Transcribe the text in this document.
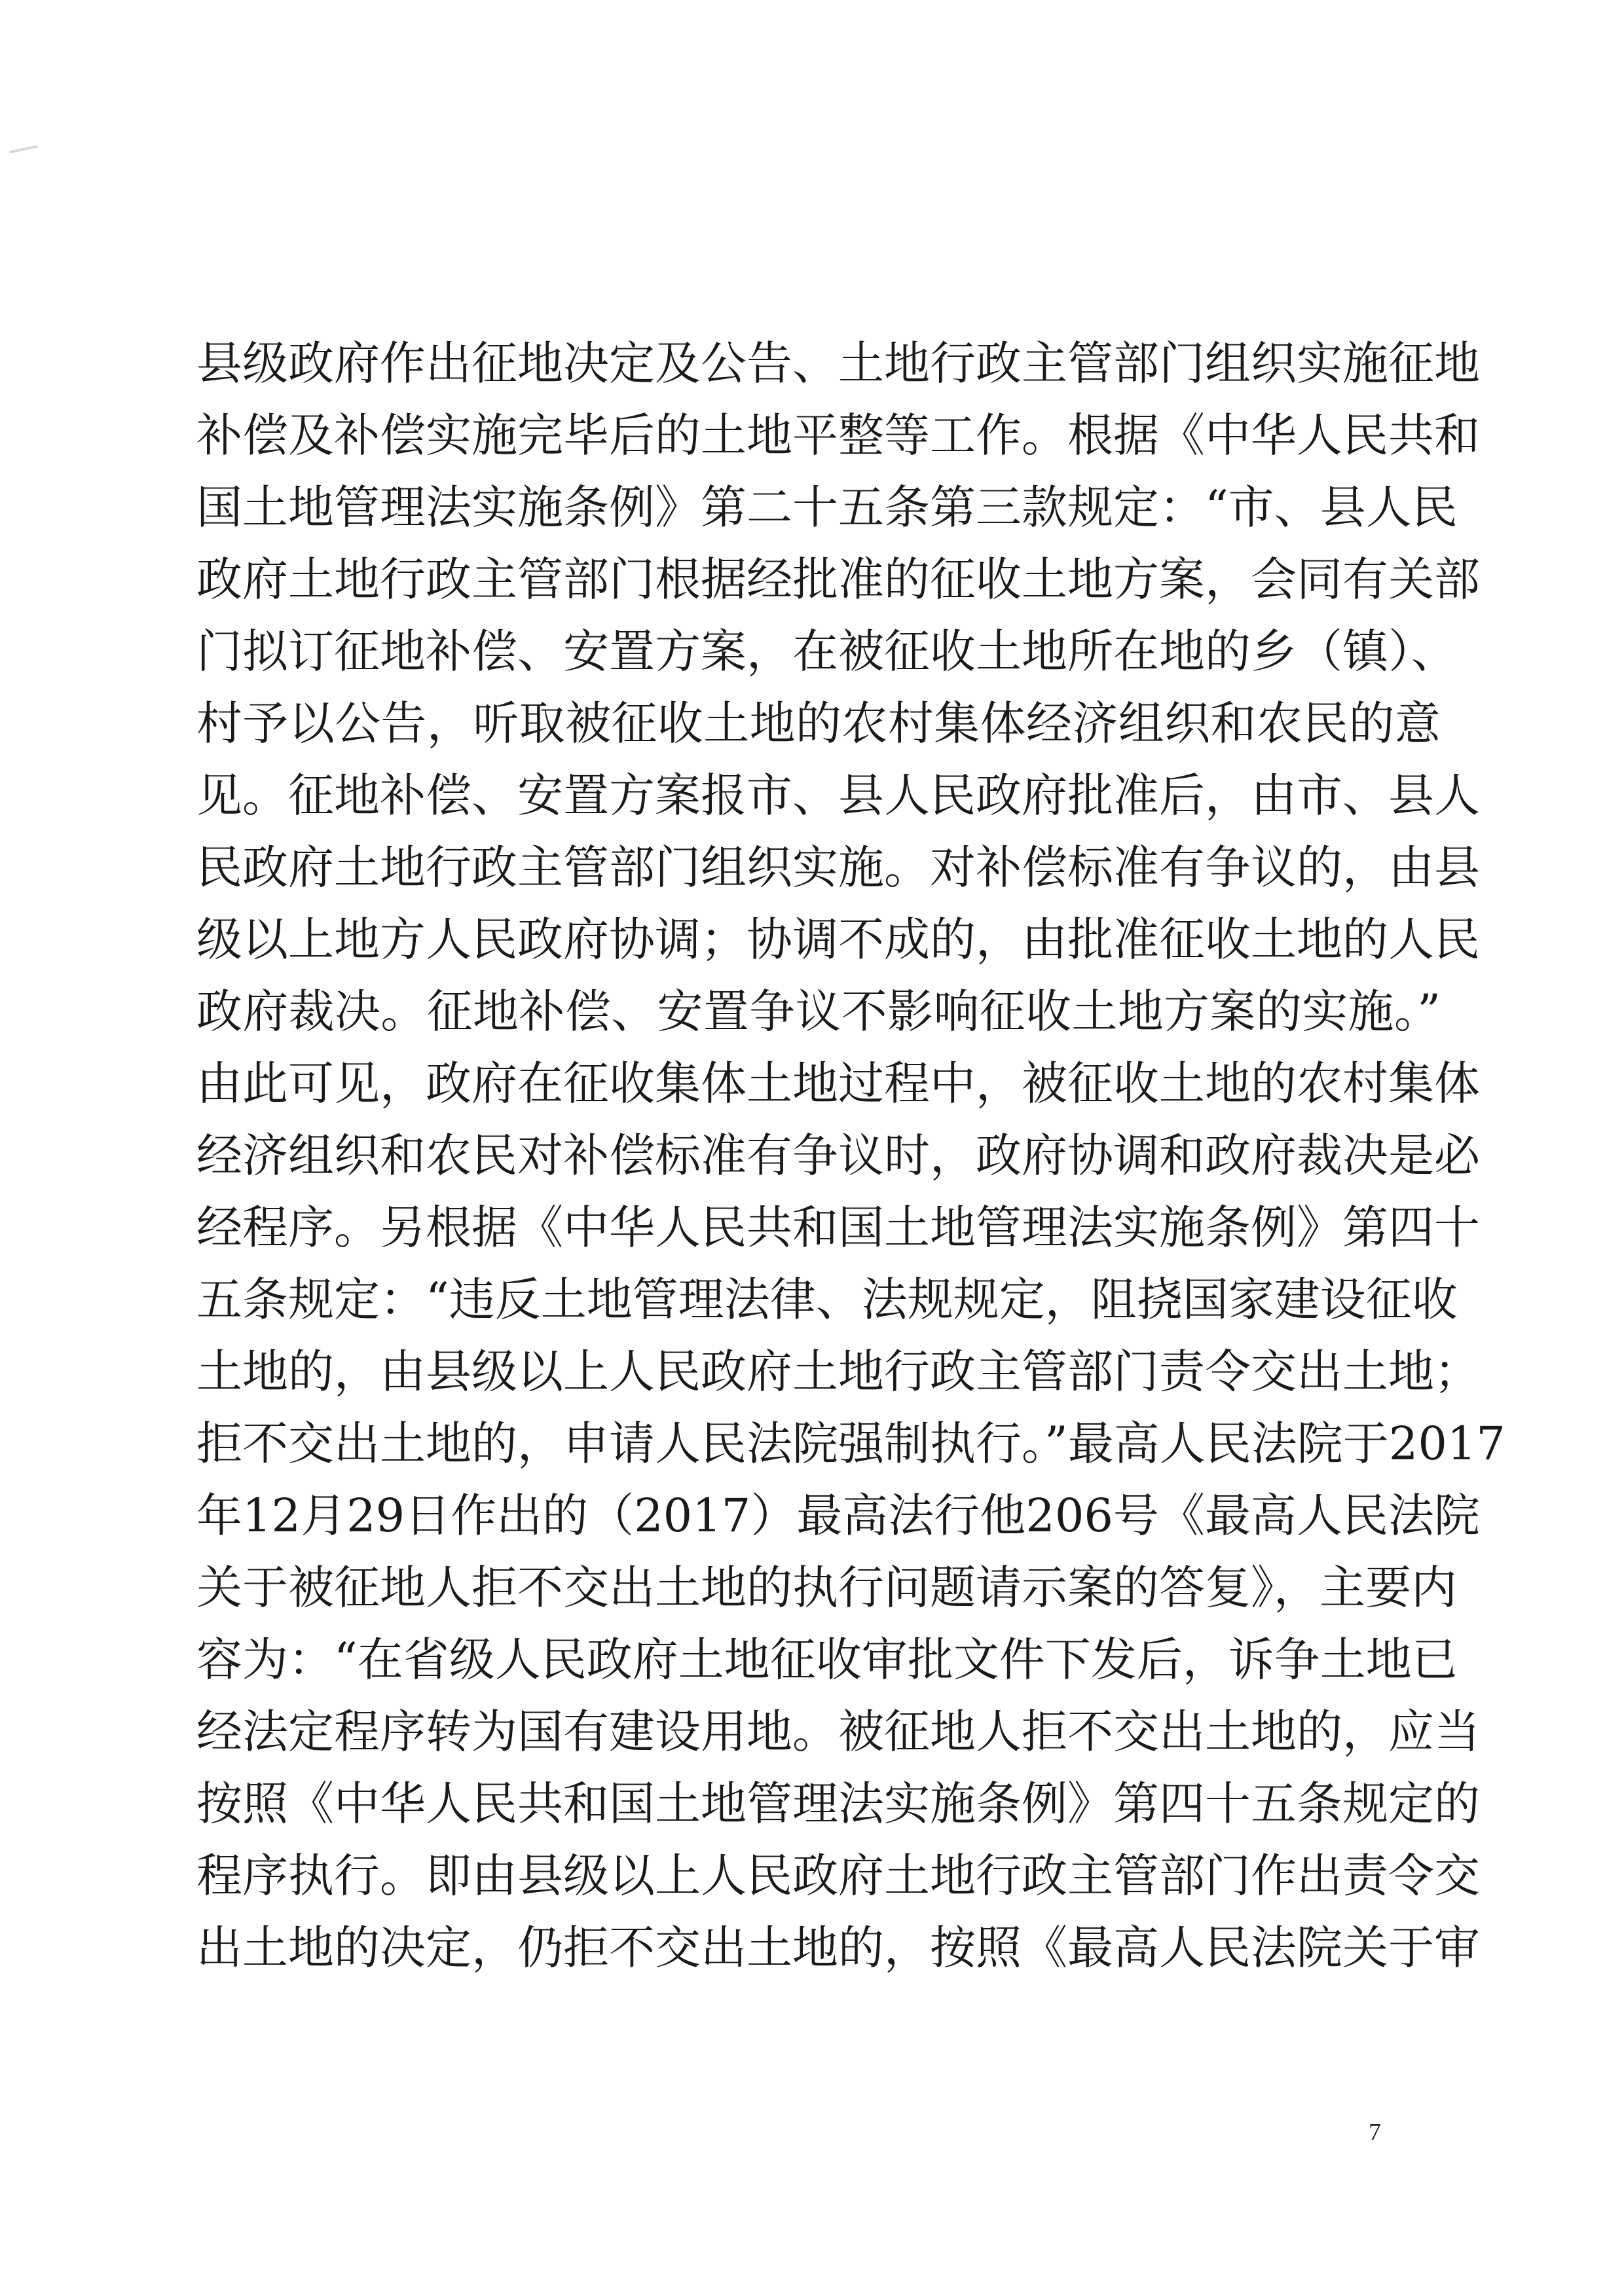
县级政府作出征地决定及公告、土地行政主管部门组织实施征地
补偿及补偿实施完毕后的土地平整等工作。根据《中华人民共和
国土地管理法实施条例》第二十五条第三款规定：“市、县人民
政府土地行政主管部门根据经批准的征收土地方案，会同有关部
门拟订征地补偿、安置方案，在被征收土地所在地的乡（镇）、
村予以公告，听取被征收土地的农村集体经济组织和农民的意
见。征地补偿、安置方案报市、县人民政府批准后，由市、县人
民政府土地行政主管部门组织实施。对补偿标准有争议的，由县
级以上地方人民政府协调；协调不成的，由批准征收土地的人民
政府裁决。征地补偿、安置争议不影响征收土地方案的实施。”
由此可见，政府在征收集体土地过程中，被征收土地的农村集体
经济组织和农民对补偿标准有争议时，政府协调和政府裁决是必
经程序。另根据《中华人民共和国土地管理法实施条例》第四十
五条规定：“违反土地管理法律、法规规定，阻挠国家建设征收
土地的，由县级以上人民政府土地行政主管部门责令交出土地；
拒不交出土地的，申请人民法院强制执行。”最高人民法院于2017
年12月29日作出的（2017）最高法行他206号《最高人民法院
关于被征地人拒不交出土地的执行问题请示案的答复》，主要内
容为：“在省级人民政府土地征收审批文件下发后，诉争土地已
经法定程序转为国有建设用地。被征地人拒不交出土地的，应当
按照《中华人民共和国土地管理法实施条例》第四十五条规定的
程序执行。即由县级以上人民政府土地行政主管部门作出责令交
出土地的决定，仍拒不交出土地的，按照《最高人民法院关于审
7
